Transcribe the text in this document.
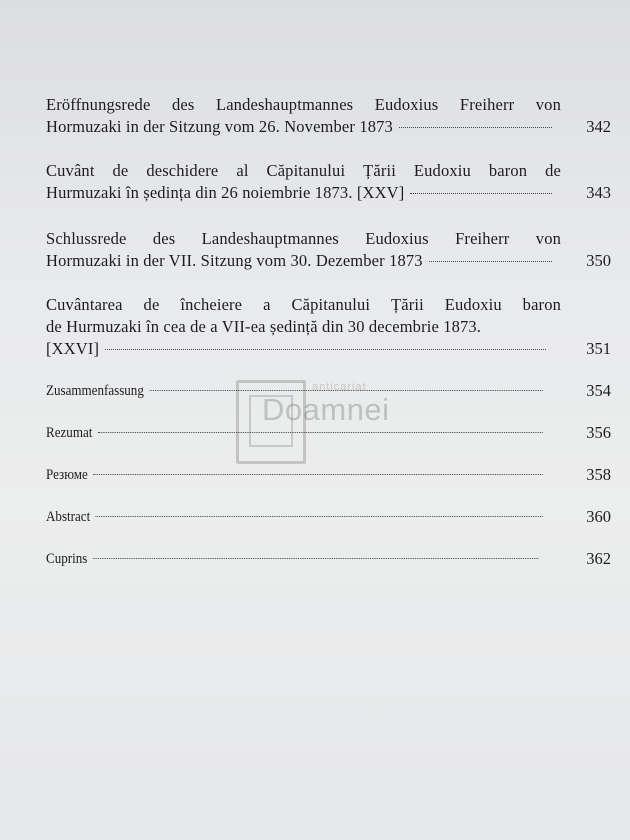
anticariat
Doamnei
Eröffnungsrede des Landeshauptmannes Eudoxius Freiherr von
Hormuzaki in der Sitzung vom 26. November 1873	342
Cuvânt de deschidere al Căpitanului Țării Eudoxiu baron de
Hurmuzaki în ședința din 26 noiembrie 1873. [XXV]	343
Schlussrede des Landeshauptmannes Eudoxius Freiherr von
Hormuzaki in der VII. Sitzung vom 30. Dezember 1873	350
Cuvântarea de încheiere a Căpitanului Țării Eudoxiu baron
de Hurmuzaki în cea de a VII-ea ședință din 30 decembrie 1873.
[XXVI]	351
Zusammenfassung	354
Rezumat	356
Резюме	358
Abstract	360
Cuprins	362
